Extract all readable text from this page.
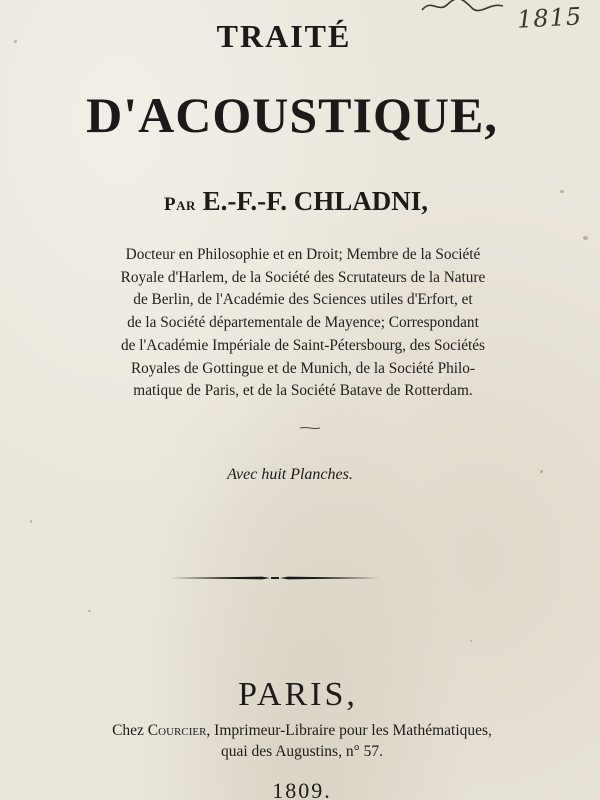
1815
TRAITÉ
D'ACOUSTIQUE,
Par E.-F.-F. CHLADNI,
Docteur en Philosophie et en Droit; Membre de la Société
Royale d'Harlem, de la Société des Scrutateurs de la Nature
de Berlin, de l'Académie des Sciences utiles d'Erfort, et
de la Société départementale de Mayence; Correspondant
de l'Académie Impériale de Saint-Pétersbourg, des Sociétés
Royales de Gottingue et de Munich, de la Société Philo-
matique de Paris, et de la Société Batave de Rotterdam.
Avec huit Planches.
PARIS,
Chez Courcier, Imprimeur-Libraire pour les Mathématiques,
quai des Augustins, n° 57.
1809.
